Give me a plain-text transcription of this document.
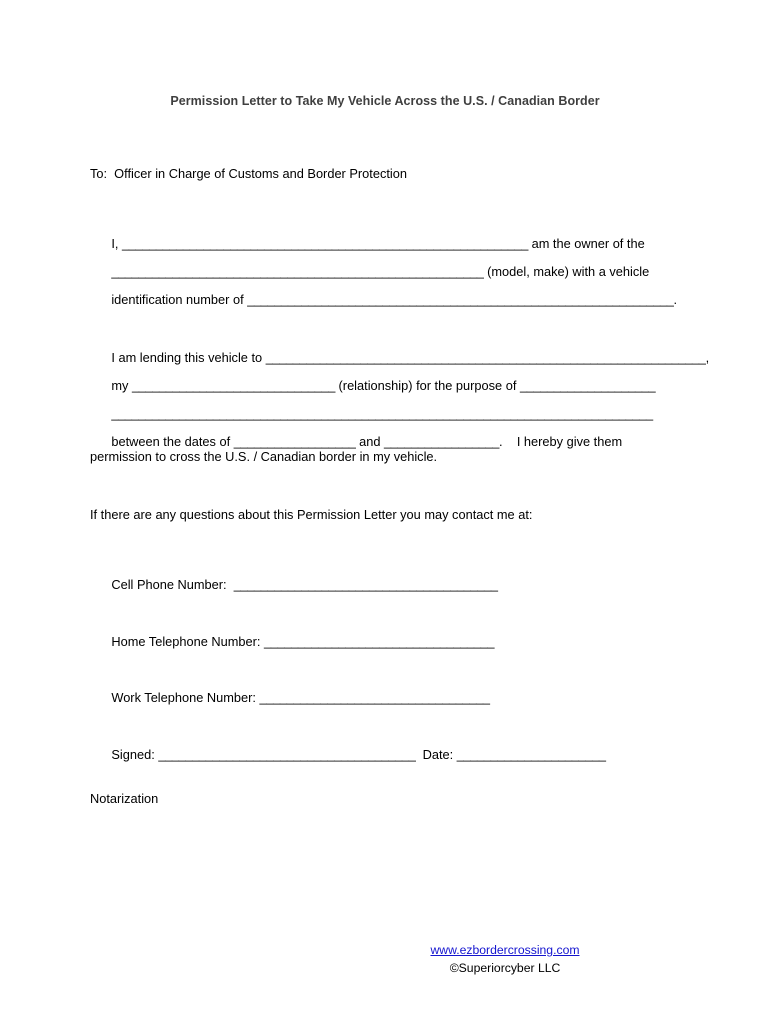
Permission Letter to Take My Vehicle Across the U.S. / Canadian Border
To:  Officer in Charge of Customs and Border Protection

I, ____________________________________________________________ am the owner of the

_______________________________________________________ (model, make) with a vehicle

identification number of _______________________________________________________________.

I am lending this vehicle to _________________________________________________________________,

my ______________________________ (relationship) for the purpose of ____________________

________________________________________________________________________________

between the dates of __________________ and _________________.    I hereby give them

permission to cross the U.S. / Canadian border in my vehicle.
If there are any questions about this Permission Letter you may contact me at:

Cell Phone Number:  _______________________________________

Home Telephone Number: __________________________________

Work Telephone Number: __________________________________

Signed: ______________________________________ Date: ______________________

Notarization
www.ezbordercrossing.com
©Superiorcyber LLC
